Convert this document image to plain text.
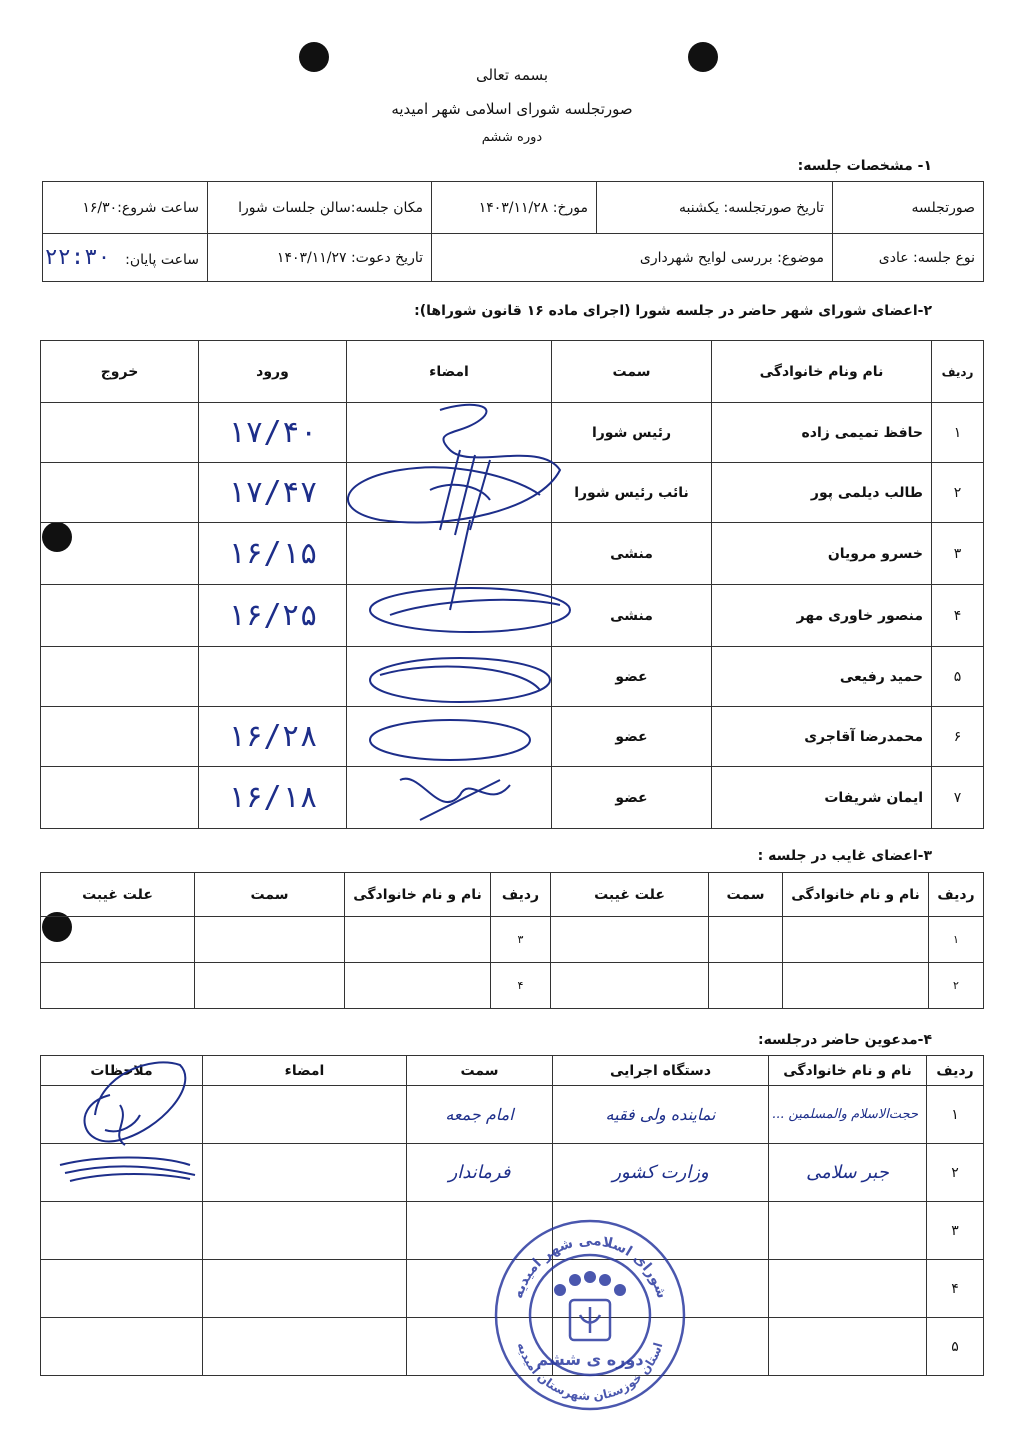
بسمه تعالی
صورتجلسه شورای اسلامی شهر امیدیه
دوره ششم
۱- مشخصات جلسه:
صورتجلسه	تاریخ صورتجلسه: یکشنبه	مورخ: ۱۴۰۳/۱۱/۲۸	مکان جلسه:سالن جلسات شورا	ساعت شروع:۱۶/۳۰
نوع جلسه: عادی	موضوع: بررسی لوایح شهرداری		تاریخ دعوت: ۱۴۰۳/۱۱/۲۷	ساعت پایان: ۲۲:۳۰
۲-اعضای شورای شهر حاضر در جلسه شورا (اجرای ماده ۱۶ قانون شوراها):
ردیف	نام ونام خانوادگی	سمت	امضاء	ورود	خروج
۱	حافظ تمیمی زاده	رئیس شورا		۱۷/۴۰	
۲	طالب دیلمی پور	نائب رئیس شورا		۱۷/۴۷	
۳	خسرو مرویان	منشی		۱۶/۱۵	
۴	منصور خاوری مهر	منشی		۱۶/۲۵	
۵	حمید رفیعی	عضو			
۶	محمدرضا آقاجری	عضو		۱۶/۲۸	
۷	ایمان شریفات	عضو		۱۶/۱۸	
۳-اعضای غایب در جلسه :
ردیف	نام و نام خانوادگی	سمت	علت غیبت	ردیف	نام و نام خانوادگی	سمت	علت غیبت
۱				۳			
۲				۴			
۴-مدعوین حاضر درجلسه:
ردیف	نام و نام خانوادگی	دستگاه اجرایی	سمت	امضاء	ملاحظات
۱	حجت‌الاسلام والمسلمین ...	نماینده ولی فقیه	امام جمعه		
۲	جبر سلامی	وزارت کشور	فرماندار		
۳					
۴					
۵					
شورای اسلامی شهر امیدیه
استان خوزستان شهرستان امیدیه
دوره ی ششم
